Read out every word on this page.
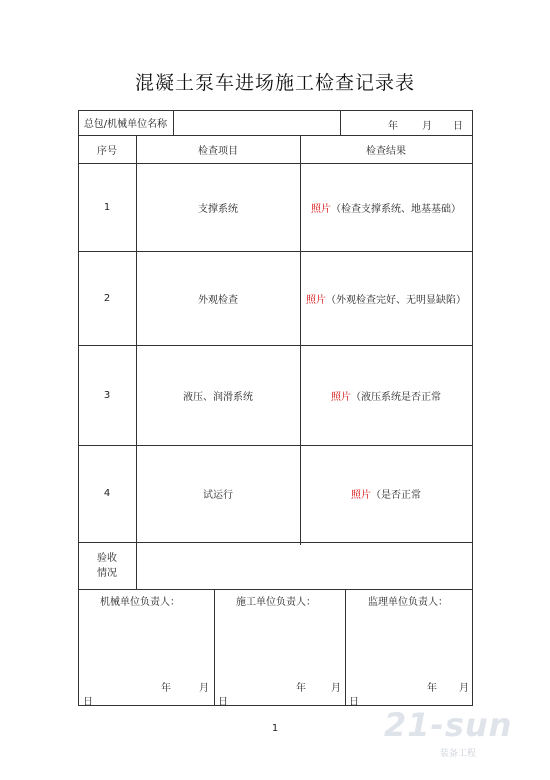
混凝土泵车进场施工检查记录表
总包/机械单位名称	年 月 日
序号	检查项目	检查结果
1	支撑系统	照片 （检查支撑系统、地基基础）
2	外观检查	照片 （外观检查完好、无明显缺陷）
3	液压、润滑系统	照片 （液压系统是否正常
4	试运行	照片 （是否正常
验收
情况
机械单位负责人：
年	月
日
施工单位负责人：
年	月
日
监理单位负责人：
年 月
日
1	21-sun
装备工程
